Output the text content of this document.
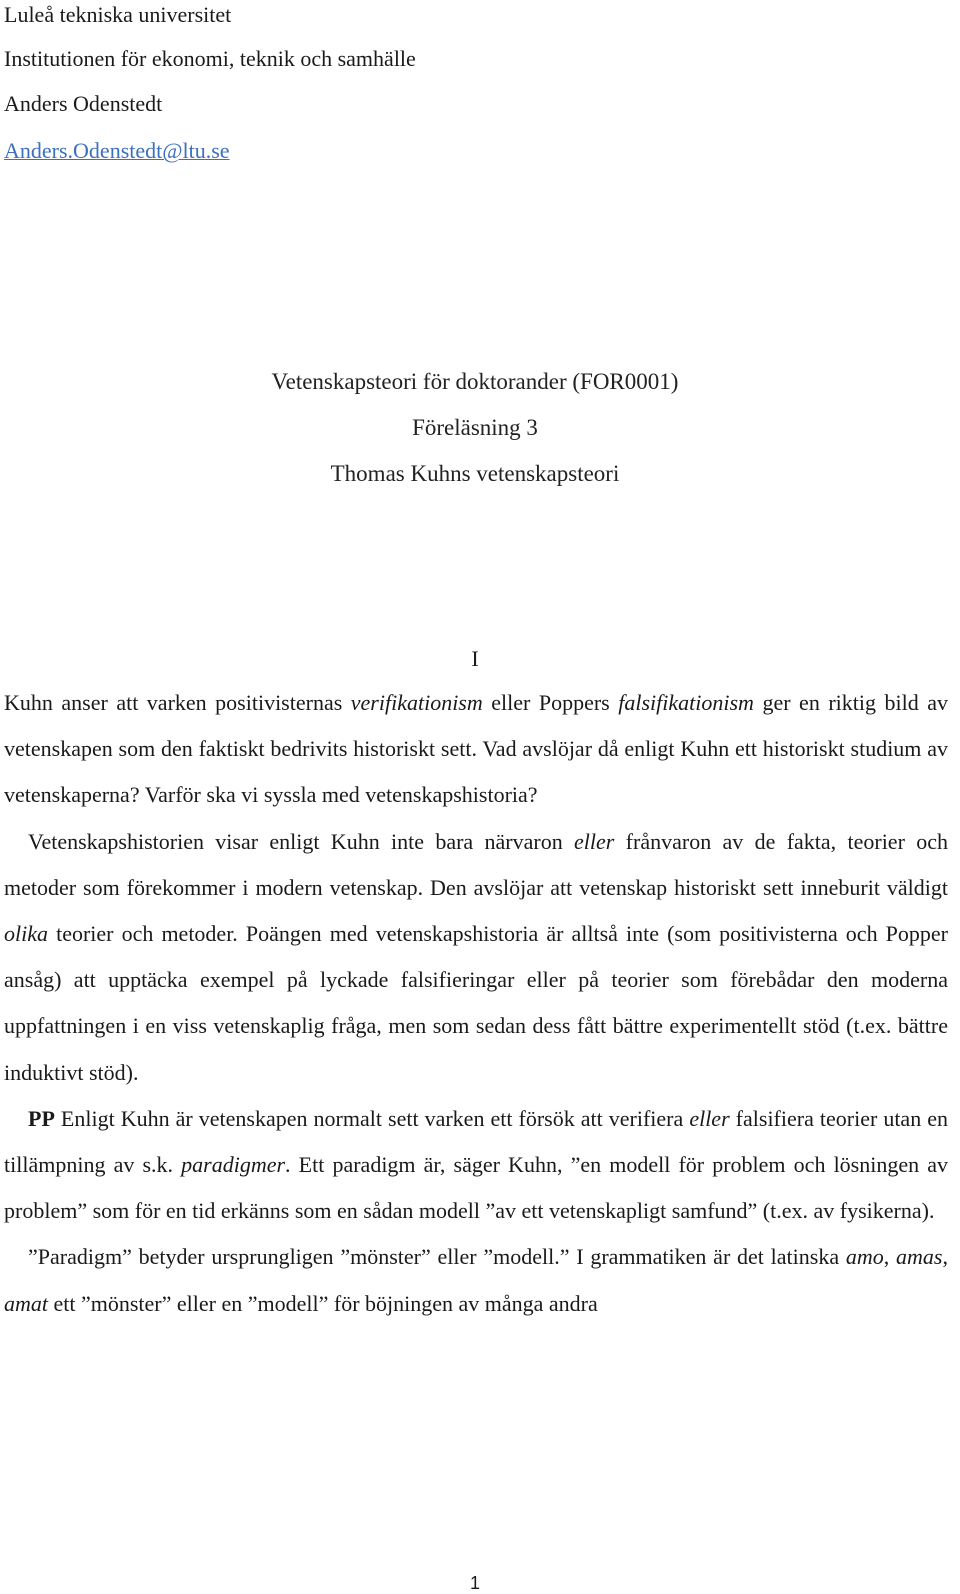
Luleå tekniska universitet
Institutionen för ekonomi, teknik och samhälle
Anders Odenstedt
Anders.Odenstedt@ltu.se
Vetenskapsteori för doktorander (FOR0001)
Föreläsning 3
Thomas Kuhns vetenskapsteori
I

Kuhn anser att varken positivisternas verifikationism eller Poppers falsifikationism ger en riktig bild av vetenskapen som den faktiskt bedrivits historiskt sett. Vad avslöjar då enligt Kuhn ett historiskt studium av vetenskaperna? Varför ska vi syssla med vetenskapshistoria?

Vetenskapshistorien visar enligt Kuhn inte bara närvaron eller frånvaron av de fakta, teorier och metoder som förekommer i modern vetenskap. Den avslöjar att vetenskap historiskt sett inneburit väldigt olika teorier och metoder. Poängen med vetenskapshistoria är alltså inte (som positivisterna och Popper ansåg) att upptäcka exempel på lyckade falsifieringar eller på teorier som förebådar den moderna uppfattningen i en viss vetenskaplig fråga, men som sedan dess fått bättre experimentellt stöd (t.ex. bättre induktivt stöd).

PP Enligt Kuhn är vetenskapen normalt sett varken ett försök att verifiera eller falsifiera teorier utan en tillämpning av s.k. paradigmer. Ett paradigm är, säger Kuhn, ”en modell för problem och lösningen av problem” som för en tid erkänns som en sådan modell ”av ett vetenskapligt samfund” (t.ex. av fysikerna).

”Paradigm” betyder ursprungligen ”mönster” eller ”modell.” I grammatiken är det latinska amo, amas, amat ett ”mönster” eller en ”modell” för böjningen av många andra

1
